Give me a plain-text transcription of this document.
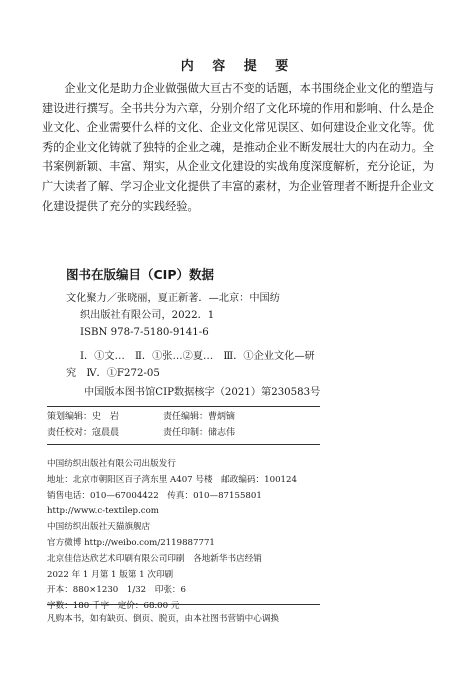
内 容 提 要

企业文化是助力企业做强做大亘古不变的话题，本书围绕企业文化的塑造与建设进行撰写。全书共分为六章，分别介绍了文化环境的作用和影响、什么是企业文化、企业需要什么样的文化、企业文化常见误区、如何建设企业文化等。优秀的企业文化铸就了独特的企业之魂，是推动企业不断发展壮大的内在动力。全书案例新颖、丰富、翔实，从企业文化建设的实战角度深度解析，充分论证，为广大读者了解、学习企业文化提供了丰富的素材，为企业管理者不断提升企业文化建设提供了充分的实践经验。

图书在版编目（CIP）数据
文化聚力／张晓丽，夏正新著．—北京：中国纺
织出版社有限公司，2022．1
ISBN 978-7-5180-9141-6
Ⅰ．①文…　Ⅱ．①张…②夏…　Ⅲ．①企业文化—研
究　Ⅳ．①F272-05
中国版本图书馆CIP数据核字（2021）第230583号
策划编辑：史　岩	责任编辑：曹炳镝
责任校对：寇晨晨	责任印制：储志伟
中国纺织出版社有限公司出版发行
地址：北京市朝阳区百子湾东里 A407 号楼　邮政编码：100124
销售电话：010—67004422　传真：010—87155801
http://www.c-textilep.com
中国纺织出版社天猫旗舰店
官方微博 http://weibo.com/2119887771
北京佳信达欣艺术印刷有限公司印刷　各地新华书店经销
2022 年 1 月第 1 版第 1 次印刷
开本：880×1230　1/32　印张：6
字数：180 千字　定价：68.00 元
凡购本书，如有缺页、倒页、脱页，由本社图书营销中心调换
